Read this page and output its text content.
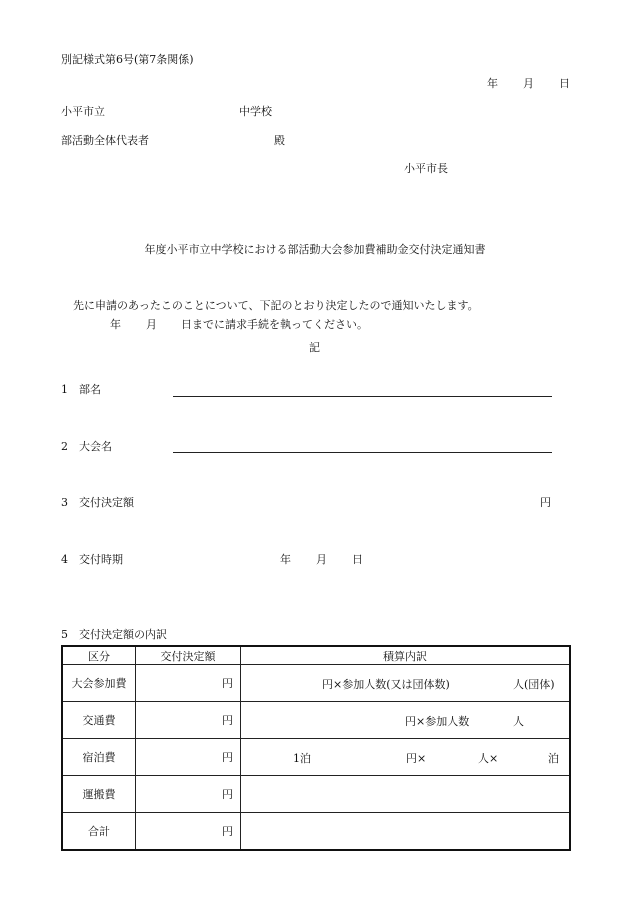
別記様式第6号(第7条関係)
年 月 日
小平市立	中学校
部活動全体代表者	殿
小平市長
年度小平市立中学校における部活動大会参加費補助金交付決定通知書
先に申請のあったこのことについて、下記のとおり決定したので通知いたします。
年 月 日までに請求手続を執ってください。
記
1 部名
2 大会名
3 交付決定額	円
4 交付時期	年 月 日
5 交付決定額の内訳
区分	交付決定額	積算内訳
大会参加費	円	円×参加人数(又は団体数) 人(団体)

交通費	円	円×参加人数 人

宿泊費	円	1泊 円× 人× 泊

運搬費	円	
合計	円	
